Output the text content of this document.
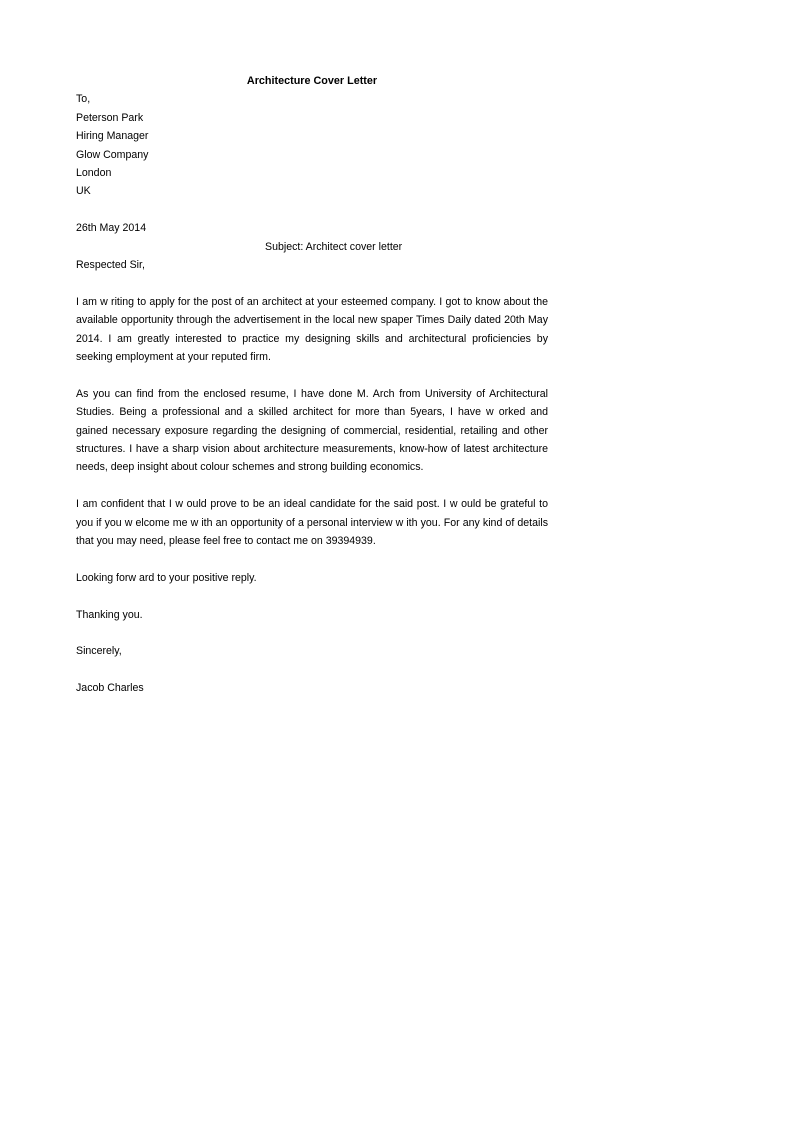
Architecture Cover Letter
To,
Peterson Park
Hiring Manager
Glow Company
London
UK
26th May 2014
Subject: Architect cover letter
Respected Sir,

I am w riting to apply for the post of an architect at your esteemed company. I got to know about the available opportunity through the advertisement in the local new spaper Times Daily dated 20th May 2014. I am greatly interested to practice my designing skills and architectural proficiencies by seeking employment at your reputed firm.

As you can find from the enclosed resume, I have done M. Arch from University of Architectural Studies. Being a professional and a skilled architect for more than 5years, I have w orked and gained necessary exposure regarding the designing of commercial, residential, retailing and other structures. I have a sharp vision about architecture measurements, know-how of latest architecture needs, deep insight about colour schemes and strong building economics.

I am confident that I w ould prove to be an ideal candidate for the said post. I w ould be grateful to you if you w elcome me w ith an opportunity of a personal interview w ith you. For any kind of details that you may need, please feel free to contact me on 39394939.

Looking forw ard to your positive reply.
Thanking you.
Sincerely,
Jacob Charles
